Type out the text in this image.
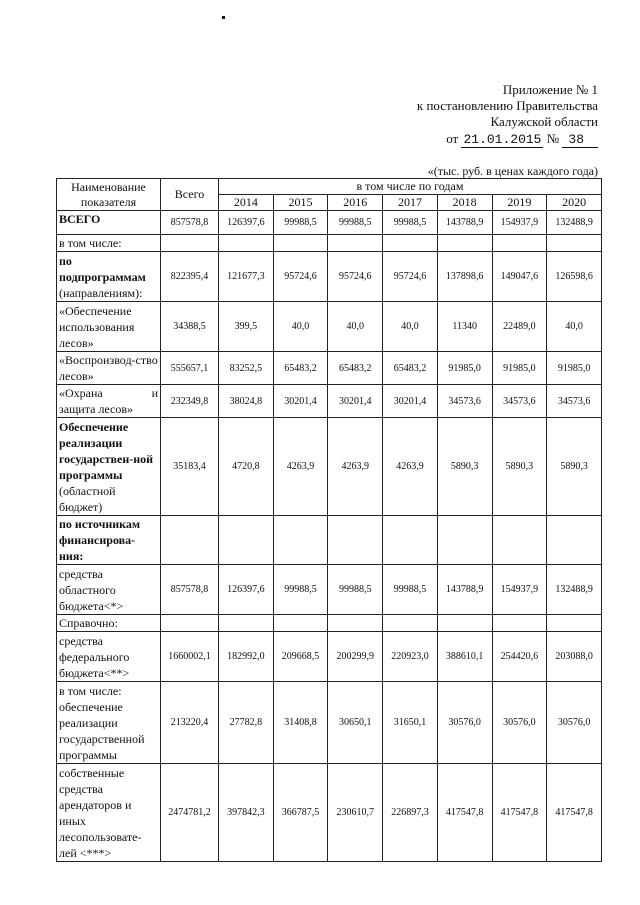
Приложение № 1
к постановлению Правительства
Калужской области
от 21.01.2015 № 38
«(тыс. руб. в ценах каждого года)
Наименование показателя	Всего	в том числе по годам						
		2014	2015	2016	2017	2018	2019	2020
ВСЕГО	857578,8	126397,6	99988,5	99988,5	99988,5	143788,9	154937,9	132488,9
в том числе:								
по подпрограммам (направлениям):	822395,4	121677,3	95724,6	95724,6	95724,6	137898,6	149047,6	126598,6
«Обеспечение использования лесов»	34388,5	399,5	40,0	40,0	40,0	11340	22489,0	40,0
«Воспроизвод-ство лесов»	555657,1	83252,5	65483,2	65483,2	65483,2	91985,0	91985,0	91985,0

«Охрана и
защита лесов»	232349,8	38024,8	30201,4	30201,4	30201,4	34573,6	34573,6	34573,6
Обеспечение реализации государствен-ной программы (областной бюджет)	35183,4	4720,8	4263,9	4263,9	4263,9	5890,3	5890,3	5890,3
по источникам финансирова-ния:								
средства областного бюджета<*>	857578,8	126397,6	99988,5	99988,5	99988,5	143788,9	154937,9	132488,9
Справочно:								
средства федерального бюджета<**>	1660002,1	182992,0	209668,5	200299,9	220923,0	388610,1	254420,6	203088,0
в том числе: обеспечение реализации государственной программы	213220,4	27782,8	31408,8	30650,1	31650,1	30576,0	30576,0	30576,0
собственные средства арендаторов и иных лесопользовате-лей <***>	2474781,2	397842,3	366787,5	230610,7	226897,3	417547,8	417547,8	417547,8
